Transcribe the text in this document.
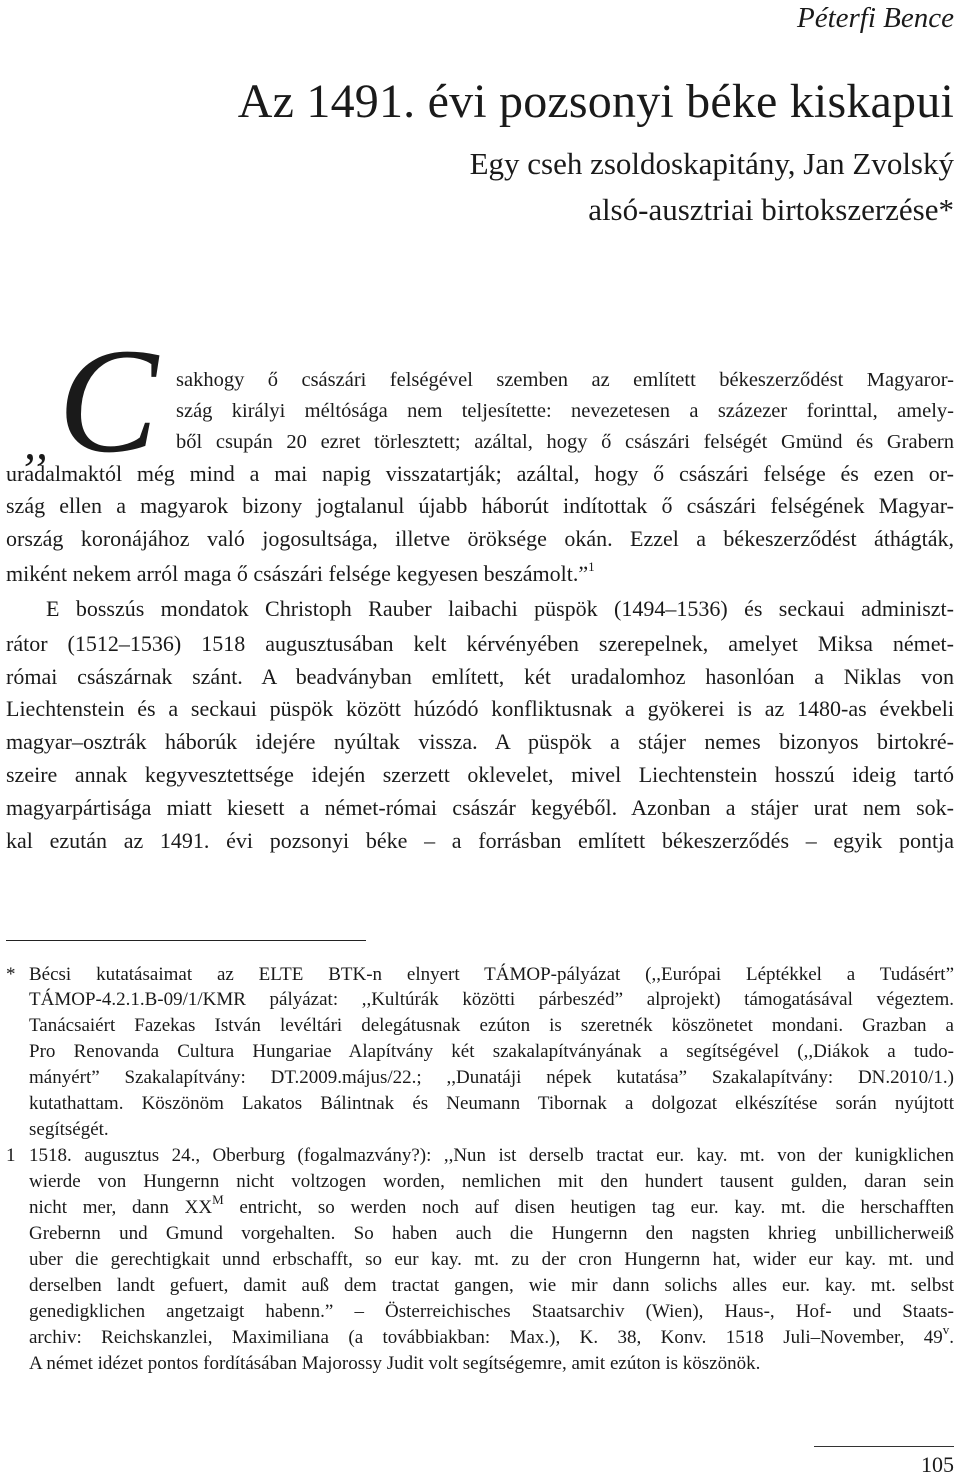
Péterfi Bence
Az 1491. évi pozsonyi béke kiskapui
Egy cseh zsoldoskapitány, Jan Zvolský
alsó-ausztriai birtokszerzése*
,, C sakhogy ő császári felségével szemben az említett békeszerződést Magyaror-
szág királyi méltósága nem teljesítette: nevezetesen a százezer forinttal, amely-
ből csupán 20 ezret törlesztett; azáltal, hogy ő császári felségét Gmünd és Grabern
uradalmaktól még mind a mai napig visszatartják; azáltal, hogy ő császári felsége és ezen or-
szág ellen a magyarok bizony jogtalanul újabb háborút indítottak ő császári felségének Magyar-
ország koronájához való jogosultsága, illetve öröksége okán. Ezzel a békeszerződést áthágták,
miként nekem arról maga ő császári felsége kegyesen beszámolt.”$^1$
E bosszús mondatok Christoph Rauber laibachi püspök (1494–1536) és seckaui adminiszt-
rátor (1512–1536) 1518 augusztusában kelt kérvényében szerepelnek, amelyet Miksa német-
római császárnak szánt. A beadványban említett, két uradalomhoz hasonlóan a Niklas von
Liechtenstein és a seckaui püspök között húzódó konfliktusnak a gyökerei is az 1480-as évekbeli
magyar–osztrák háborúk idejére nyúltak vissza. A püspök a stájer nemes bizonyos birtokré-
szeire annak kegyvesztettsége idején szerzett oklevelet, mivel Liechtenstein hosszú ideig tartó
magyarpártisága miatt kiesett a német-római császár kegyéből. Azonban a stájer urat nem sok-
kal ezután az 1491. évi pozsonyi béke – a forrásban említett békeszerződés – egyik pontja
* Bécsi kutatásaimat az ELTE BTK-n elnyert TÁMOP-pályázat (,,Európai Léptékkel a Tudásért”
TÁMOP-4.2.1.B-09/1/KMR pályázat: ,,Kultúrák közötti párbeszéd” alprojekt) támogatásával végeztem.
Tanácsaiért Fazekas István levéltári delegátusnak ezúton is szeretnék köszönetet mondani. Grazban a
Pro Renovanda Cultura Hungariae Alapítvány két szakalapítványának a segítségével (,,Diákok a tudo-
mányért” Szakalapítvány: DT.2009.május/22.; ,,Dunatáji népek kutatása” Szakalapítvány: DN.2010/1.)
kutathattam. Köszönöm Lakatos Bálintnak és Neumann Tibornak a dolgozat elkészítése során nyújtott
segítségét.
1 1518. augusztus 24., Oberburg (fogalmazvány?): ,,Nun ist derselb tractat eur. kay. mt. von der kunigklichen
wierde von Hungernn nicht voltzogen worden, nemlichen mit den hundert tausent gulden, daran sein
nicht mer, dann $XX^M$ entricht, so werden noch auf disen heutigen tag eur. kay. mt. die herschafften
Grebernn und Gmund vorgehalten. So haben auch die Hungernn den nagsten khrieg unbillicherweiß
uber die gerechtigkait unnd erbschafft, so eur kay. mt. zu der cron Hungernn hat, wider eur kay. mt. und
derselben landt gefuert, damit auß dem tractat gangen, wie mir dann solichs alles eur. kay. mt. selbst
genedigklichen angetzaigt habenn.” – Österreichisches Staatsarchiv (Wien), Haus-, Hof- und Staats-
archiv: Reichskanzlei, Maximiliana (a továbbiakban: Max.), K. 38, Konv. 1518 Juli–November, 49$^v$.
A német idézet pontos fordításában Majorossy Judit volt segítségemre, amit ezúton is köszönök.
105
